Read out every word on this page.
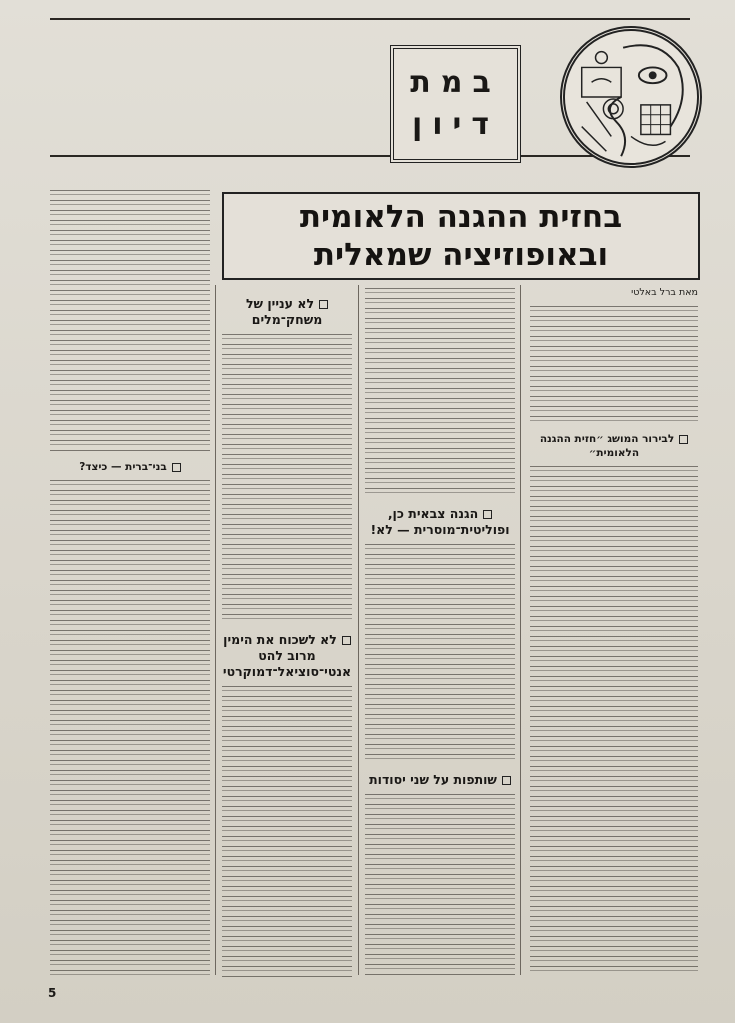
במת
דיון
בחזית ההגנה הלאומית
ובאופוזיציה שמאלית
מאת ברל באלטי
לבירור המושג ״חזית ההגנה הלאומית״
הגנה צבאית כן, ופוליטית־מוסרית — לא!
שותפות על שני יסודות
לא עניין של משחק־מלים
לא לשכוח את הימין מרוב להט אנטי־סוציאל־דמוקרטי
בני־ברית — כיצד?
5
